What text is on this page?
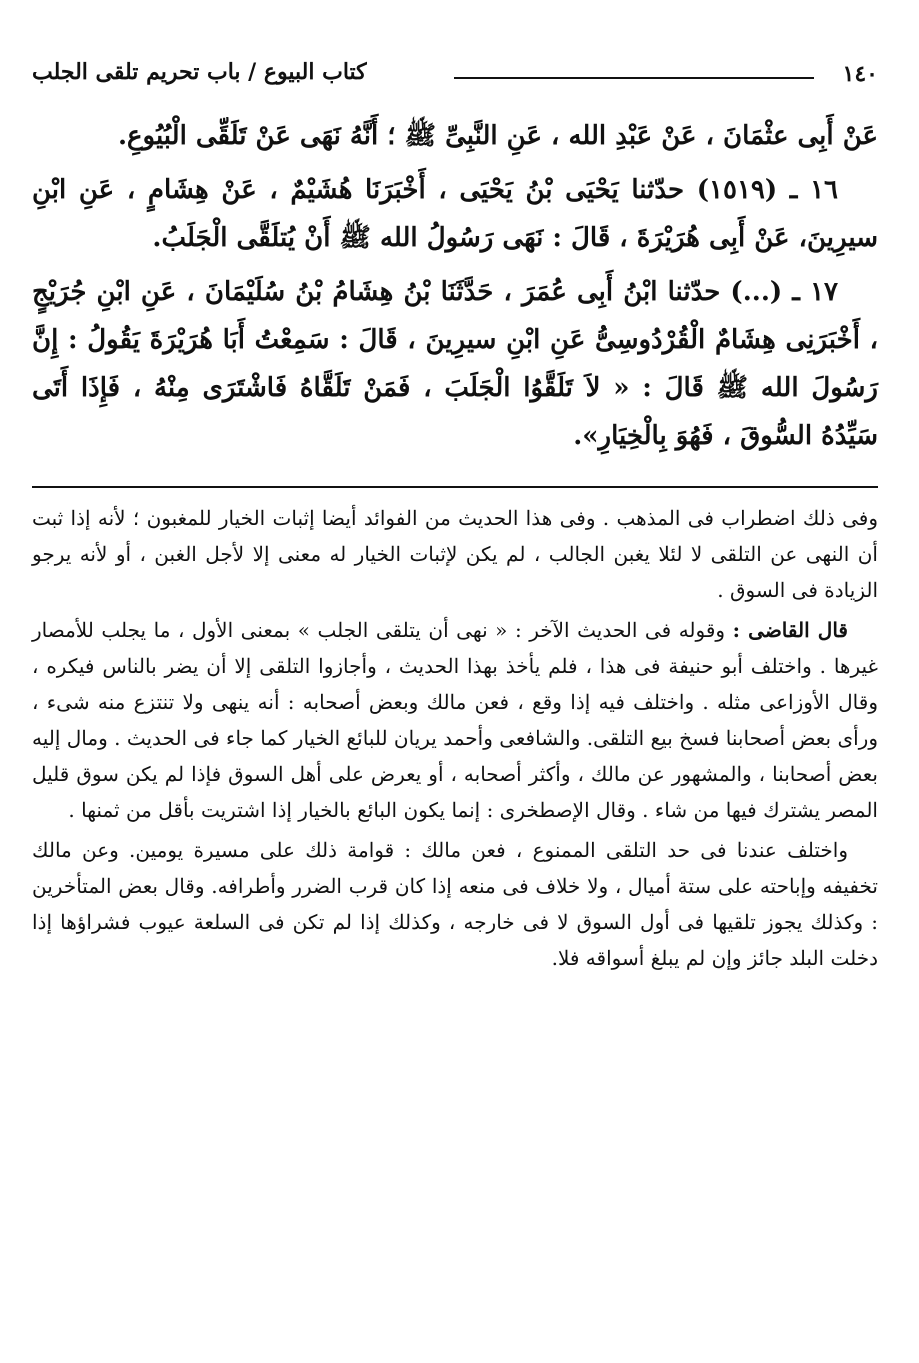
١٤٠
كتاب البيوع / باب تحريم تلقى الجلب

عَنْ أَبِى عثْمَانَ ، عَنْ عَبْدِ الله ، عَنِ النَّبِىِّ ﷺ ؛ أَنَّهُ نَهَى عَنْ تَلَقِّى الْبُيُوعِ.

١٦ ـ (١٥١٩) حدّثنا يَحْيَى بْنُ يَحْيَى ، أَخْبَرَنَا هُشَيْمٌ ، عَنْ هِشَامٍ ، عَنِ ابْنِ سيرِينَ، عَنْ أَبِى هُرَيْرَةَ ، قَالَ : نَهَى رَسُولُ الله ﷺ أَنْ يُتلَقَّى الْجَلَبُ.

١٧ ـ (...) حدّثنا ابْنُ أَبِى عُمَرَ ، حَدَّثَنَا بْنُ هِشَامُ بْنُ سُلَيْمَانَ ، عَنِ ابْنِ جُرَيْجٍ ، أَخْبَرَنِى هِشَامٌ الْقُرْدُوسِىُّ عَنِ ابْنِ سيرِينَ ، قَالَ : سَمِعْتُ أَبَا هُرَيْرَةَ يَقُولُ : إِنَّ رَسُولَ الله ﷺ قَالَ : « لاَ تَلَقَّوُا الْجَلَبَ ، فَمَنْ تَلَقَّاهُ فَاشْتَرَى مِنْهُ ، فَإِذَا أَتَى سَيِّدُهُ السُّوقَ ، فَهُوَ بِالْخِيَارِ».

وفى ذلك اضطراب فى المذهب . وفى هذا الحديث من الفوائد أيضا إثبات الخيار للمغبون ؛ لأنه إذا ثبت أن النهى عن التلقى لا لئلا يغبن الجالب ، لم يكن لإثبات الخيار له معنى إلا لأجل الغبن ، أو لأنه يرجو الزيادة فى السوق .

قال القاضى : وقوله فى الحديث الآخر : « نهى أن يتلقى الجلب » بمعنى الأول ، ما يجلب للأمصار غيرها . واختلف أبو حنيفة فى هذا ، فلم يأخذ بهذا الحديث ، وأجازوا التلقى إلا أن يضر بالناس فيكره ، وقال الأوزاعى مثله . واختلف فيه إذا وقع ، فعن مالك وبعض أصحابه : أنه ينهى ولا تنتزع منه شىء ، ورأى بعض أصحابنا فسخ بيع التلقى. والشافعى وأحمد يريان للبائع الخيار كما جاء فى الحديث . ومال إليه بعض أصحابنا ، والمشهور عن مالك ، وأكثر أصحابه ، أو يعرض على أهل السوق فإذا لم يكن سوق قليل المصر يشترك فيها من شاء . وقال الإصطخرى : إنما يكون البائع بالخيار إذا اشتريت بأقل من ثمنها .

واختلف عندنا فى حد التلقى الممنوع ، فعن مالك : قوامة ذلك على مسيرة يومين. وعن مالك تخفيفه وإباحته على ستة أميال ، ولا خلاف فى منعه إذا كان قرب الضرر وأطرافه. وقال بعض المتأخرين : وكذلك يجوز تلقيها فى أول السوق لا فى خارجه ، وكذلك إذا لم تكن فى السلعة عيوب فشراؤها إذا دخلت البلد جائز وإن لم يبلغ أسواقه فلا.
